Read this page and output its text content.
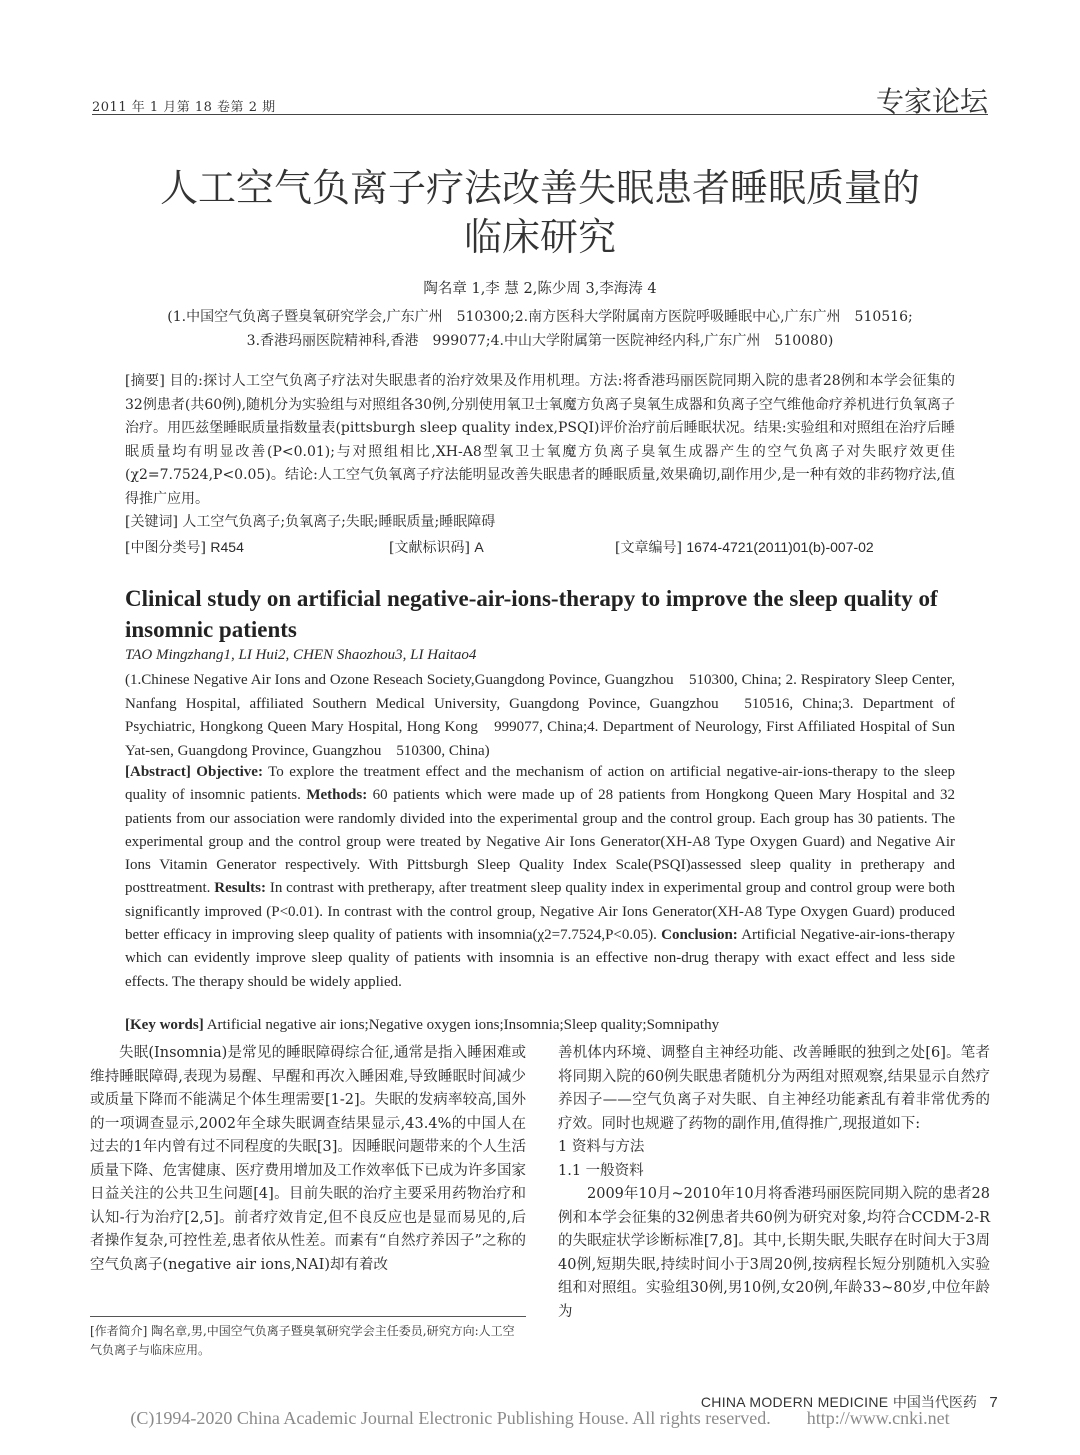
2011 年 1 月第 18 卷第 2 期	专家论坛
人工空气负离子疗法改善失眠患者睡眠质量的
临床研究
陶名章 1,李 慧 2,陈少周 3,李海涛 4
(1.中国空气负离子暨臭氧研究学会,广东广州　510300;2.南方医科大学附属南方医院呼吸睡眠中心,广东广州　510516;
3.香港玛丽医院精神科,香港　999077;4.中山大学附属第一医院神经内科,广东广州　510080)

[摘要] 目的:探讨人工空气负离子疗法对失眠患者的治疗效果及作用机理。方法:将香港玛丽医院同期入院的患者28例和本学会征集的32例患者(共60例),随机分为实验组与对照组各30例,分别使用氧卫士氧魔方负离子臭氧生成器和负离子空气维他命疗养机进行负氧离子治疗。用匹兹堡睡眠质量指数量表(pittsburgh sleep quality index,PSQI)评价治疗前后睡眠状况。结果:实验组和对照组在治疗后睡眠质量均有明显改善(P<0.01);与对照组相比,XH-A8型氧卫士氧魔方负离子臭氧生成器产生的空气负离子对失眠疗效更佳(χ2=7.7524,P<0.05)。结论:人工空气负氧离子疗法能明显改善失眠患者的睡眠质量,效果确切,副作用少,是一种有效的非药物疗法,值得推广应用。

[关键词] 人工空气负离子;负氧离子;失眠;睡眠质量;睡眠障碍

[中图分类号] R454	[文献标识码] A	[文章编号] 1674-4721(2011)01(b)-007-02
Clinical study on artificial negative-air-ions-therapy to improve the sleep quality of insomnic patients
TAO Mingzhang1, LI Hui2, CHEN Shaozhou3, LI Haitao4
(1.Chinese Negative Air Ions and Ozone Reseach Society,Guangdong Povince, Guangzhou　510300, China; 2. Respiratory Sleep Center, Nanfang Hospital, affiliated Southern Medical University, Guangdong Povince, Guangzhou　510516, China;3. Department of Psychiatric, Hongkong Queen Mary Hospital, Hong Kong　999077, China;4. Department of Neurology, First Affiliated Hospital of Sun Yat-sen, Guangdong Province, Guangzhou　510300, China)
[Abstract] Objective: To explore the treatment effect and the mechanism of action on artificial negative-air-ions-therapy to the sleep quality of insomnic patients. Methods: 60 patients which were made up of 28 patients from Hongkong Queen Mary Hospital and 32 patients from our association were randomly divided into the experimental group and the control group. Each group has 30 patients. The experimental group and the control group were treated by Negative Air Ions Generator(XH-A8 Type Oxygen Guard) and Negative Air Ions Vitamin Generator respectively. With Pittsburgh Sleep Quality Index Scale(PSQI)assessed sleep quality in pretherapy and posttreatment. Results: In contrast with pretherapy, after treatment sleep quality index in experimental group and control group were both significantly improved (P<0.01). In contrast with the control group, Negative Air Ions Generator(XH-A8 Type Oxygen Guard) produced better efficacy in improving sleep quality of patients with insomnia(χ2=7.7524,P<0.05). Conclusion: Artificial Negative-air-ions-therapy which can evidently improve sleep quality of patients with insomnia is an effective non-drug therapy with exact effect and less side effects. The therapy should be widely applied.
[Key words] Artificial negative air ions;Negative oxygen ions;Insomnia;Sleep quality;Somnipathy

失眠(Insomnia)是常见的睡眠障碍综合征,通常是指入睡困难或维持睡眠障碍,表现为易醒、早醒和再次入睡困难,导致睡眠时间减少或质量下降而不能满足个体生理需要[1-2]。失眠的发病率较高,国外的一项调查显示,2002年全球失眠调查结果显示,43.4%的中国人在过去的1年内曾有过不同程度的失眠[3]。因睡眠问题带来的个人生活质量下降、危害健康、医疗费用增加及工作效率低下已成为许多国家日益关注的公共卫生问题[4]。目前失眠的治疗主要采用药物治疗和认知-行为治疗[2,5]。前者疗效肯定,但不良反应也是显而易见的,后者操作复杂,可控性差,患者依从性差。而素有“自然疗养因子”之称的空气负离子(negative air ions,NAI)却有着改

[作者简介] 陶名章,男,中国空气负离子暨臭氧研究学会主任委员,研究方向:人工空气负离子与临床应用。

善机体内环境、调整自主神经功能、改善睡眠的独到之处[6]。笔者将同期入院的60例失眠患者随机分为两组对照观察,结果显示自然疗养因子——空气负离子对失眠、自主神经功能紊乱有着非常优秀的疗效。同时也规避了药物的副作用,值得推广,现报道如下:

1 资料与方法

1.1 一般资料

2009年10月~2010年10月将香港玛丽医院同期入院的患者28例和本学会征集的32例患者共60例为研究对象,均符合CCDM-2-R的失眠症状学诊断标准[7,8]。其中,长期失眠,失眠存在时间大于3周40例,短期失眠,持续时间小于3周20例,按病程长短分别随机入实验组和对照组。实验组30例,男10例,女20例,年龄33~80岁,中位年龄为

CHINA MODERN MEDICINE 中国当代医药 7
(C)1994-2020 China Academic Journal Electronic Publishing House. All rights reserved.　　http://www.cnki.net
